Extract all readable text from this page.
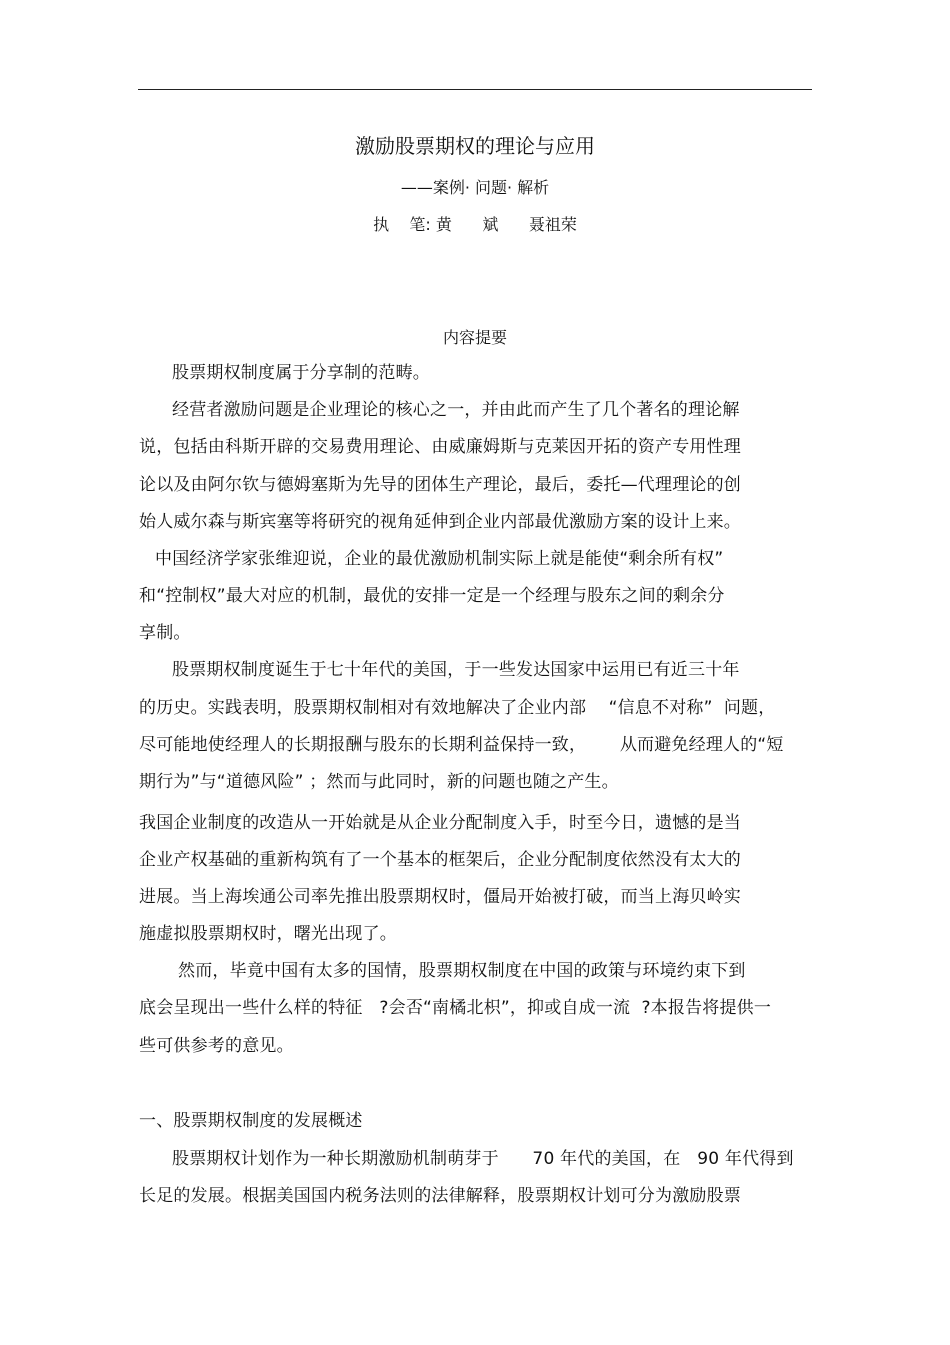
激励股票期权的理论与应用
——案例· 问题· 解析
执    笔: 黄      斌      聂祖荣
内容提要
股票期权制度属于分享制的范畴。
经营者激励问题是企业理论的核心之一，并由此而产生了几个著名的理论解
说，包括由科斯开辟的交易费用理论、由威廉姆斯与克莱因开拓的资产专用性理
论以及由阿尔钦与德姆塞斯为先导的团体生产理论，最后，委托—代理理论的创
始人威尔森与斯宾塞等将研究的视角延伸到企业内部最优激励方案的设计上来。
中国经济学家张维迎说，企业的最优激励机制实际上就是能使“剩余所有权”
和“控制权”最大对应的机制，最优的安排一定是一个经理与股东之间的剩余分
享制。
股票期权制度诞生于七十年代的美国，于一些发达国家中运用已有近三十年
的历史。实践表明，股票期权制相对有效地解决了企业内部    “信息不对称”  问题，
尽可能地使经理人的长期报酬与股东的长期利益保持一致，      从而避免经理人的“短
期行为”与“道德风险” ；然而与此同时，新的问题也随之产生。
我国企业制度的改造从一开始就是从企业分配制度入手，时至今日，遗憾的是当
企业产权基础的重新构筑有了一个基本的框架后，企业分配制度依然没有太大的
进展。当上海埃通公司率先推出股票期权时，僵局开始被打破，而当上海贝岭实
施虚拟股票期权时，曙光出现了。
然而，毕竟中国有太多的国情，股票期权制度在中国的政策与环境约束下到
底会呈现出一些什么样的特征   ?会否“南橘北枳”，抑或自成一流  ?本报告将提供一
些可供参考的意见。
一、股票期权制度的发展概述
股票期权计划作为一种长期激励机制萌芽于      70 年代的美国，在   90 年代得到
长足的发展。根据美国国内税务法则的法律解释，股票期权计划可分为激励股票
